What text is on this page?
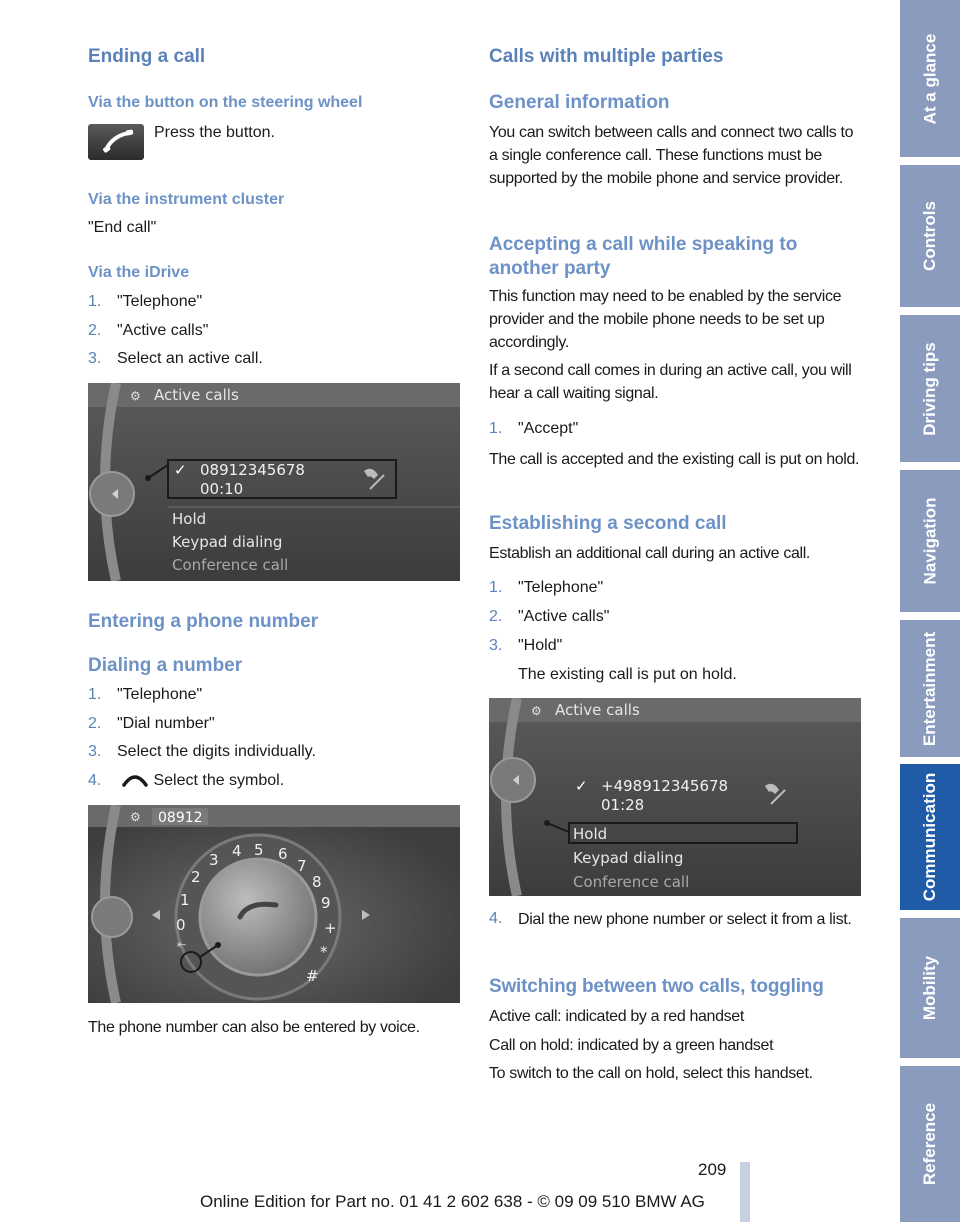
Ending a call
Via the button on the steering wheel
Press the button.
Via the instrument cluster
"End call"
Via the iDrive
1. "Telephone"
2. "Active calls"
3. Select an active call.
⚙ Active calls
✓ 08912345678
00:10
Hold
Keypad dialing
Conference call
Entering a phone number
Dialing a number
1. "Telephone"
2. "Dial number"
3. Select the digits individually.
4.	Select the symbol.
⚙ 08912
0
1
2
3 4 5 6
7
8
9
+
*
#
⇤
The phone number can also be entered by voice.
Calls with multiple parties
General information
You can switch between calls and connect two calls to a single conference call. These functions must be supported by the mobile phone and service provider.
Accepting a call while speaking to another party
This function may need to be enabled by the service provider and the mobile phone needs to be set up accordingly.
If a second call comes in during an active call, you will hear a call waiting signal.
1. "Accept"
The call is accepted and the existing call is put on hold.
Establishing a second call
Establish an additional call during an active call.
1. "Telephone"
2. "Active calls"
3. "Hold"
The existing call is put on hold.
⚙ Active calls
✓ +498912345678
01:28
Hold
Keypad dialing
Conference call
4. Dial the new phone number or select it from a list.
Switching between two calls, toggling
Active call: indicated by a red handset
Call on hold: indicated by a green handset
To switch to the call on hold, select this handset.
At a glance
Controls
Driving tips
Navigation
Entertainment
Communication
Mobility
Reference
209
Online Edition for Part no. 01 41 2 602 638 - © 09 09 510 BMW AG
